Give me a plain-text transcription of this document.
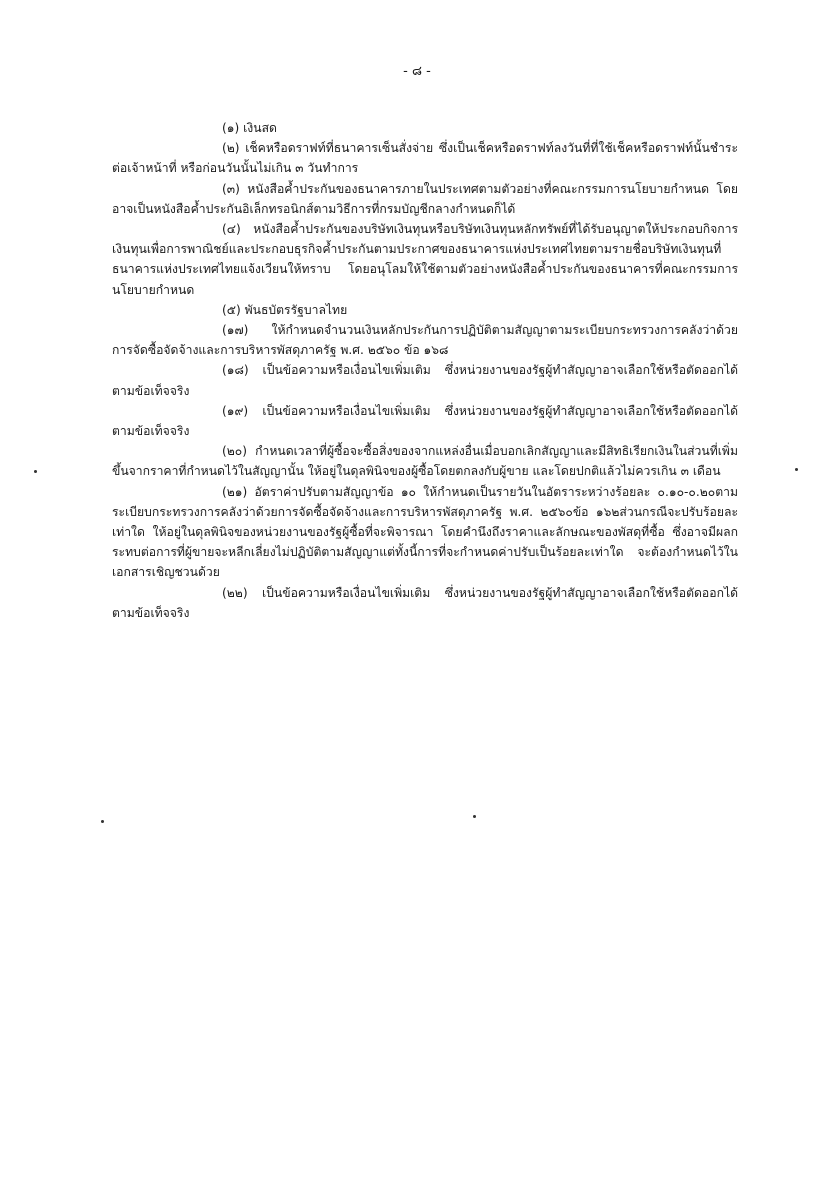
- ๘ -

(๑) เงินสด

(๒) เช็คหรือดราฟท์ที่ธนาคารเซ็นสั่งจ่าย ซึ่งเป็นเช็คหรือดราฟท์ลงวันที่ที่ใช้เช็คหรือดราฟท์นั้นชำระต่อเจ้าหน้าที่ หรือก่อนวันนั้นไม่เกิน ๓ วันทำการ

(๓) หนังสือค้ำประกันของธนาคารภายในประเทศตามตัวอย่างที่คณะกรรมการนโยบายกำหนด โดยอาจเป็นหนังสือค้ำประกันอิเล็กทรอนิกส์ตามวิธีการที่กรมบัญชีกลางกำหนดก็ได้

(๔) หนังสือค้ำประกันของบริษัทเงินทุนหรือบริษัทเงินทุนหลักทรัพย์ที่ได้รับอนุญาตให้ประกอบกิจการเงินทุนเพื่อการพาณิชย์และประกอบธุรกิจค้ำประกันตามประกาศของธนาคารแห่งประเทศไทยตามรายชื่อบริษัทเงินทุนที่ธนาคารแห่งประเทศไทยแจ้งเวียนให้ทราบ โดยอนุโลมให้ใช้ตามตัวอย่างหนังสือค้ำประกันของธนาคารที่คณะกรรมการนโยบายกำหนด

(๕) พันธบัตรรัฐบาลไทย

(๑๗) ให้กำหนดจำนวนเงินหลักประกันการปฏิบัติตามสัญญาตามระเบียบกระทรวงการคลังว่าด้วยการจัดซื้อจัดจ้างและการบริหารพัสดุภาครัฐ พ.ศ. ๒๕๖๐ ข้อ ๑๖๘

(๑๘) เป็นข้อความหรือเงื่อนไขเพิ่มเติม ซึ่งหน่วยงานของรัฐผู้ทำสัญญาอาจเลือกใช้หรือตัดออกได้ตามข้อเท็จจริง

(๑๙) เป็นข้อความหรือเงื่อนไขเพิ่มเติม ซึ่งหน่วยงานของรัฐผู้ทำสัญญาอาจเลือกใช้หรือตัดออกได้ตามข้อเท็จจริง

(๒๐) กำหนดเวลาที่ผู้ซื้อจะซื้อสิ่งของจากแหล่งอื่นเมื่อบอกเลิกสัญญาและมีสิทธิเรียกเงินในส่วนที่เพิ่มขึ้นจากราคาที่กำหนดไว้ในสัญญานั้น ให้อยู่ในดุลพินิจของผู้ซื้อโดยตกลงกับผู้ขาย และโดยปกติแล้วไม่ควรเกิน ๓ เดือน

(๒๑) อัตราค่าปรับตามสัญญาข้อ ๑๐ ให้กำหนดเป็นรายวันในอัตราระหว่างร้อยละ ๐.๑๐-๐.๒๐ตามระเบียบกระทรวงการคลังว่าด้วยการจัดซื้อจัดจ้างและการบริหารพัสดุภาครัฐ พ.ศ. ๒๕๖๐ข้อ ๑๖๒ส่วนกรณีจะปรับร้อยละเท่าใด ให้อยู่ในดุลพินิจของหน่วยงานของรัฐผู้ซื้อที่จะพิจารณา โดยคำนึงถึงราคาและลักษณะของพัสดุที่ซื้อ ซึ่งอาจมีผลกระทบต่อการที่ผู้ขายจะหลีกเลี่ยงไม่ปฏิบัติตามสัญญาแต่ทั้งนี้การที่จะกำหนดค่าปรับเป็นร้อยละเท่าใด จะต้องกำหนดไว้ในเอกสารเชิญชวนด้วย

(๒๒) เป็นข้อความหรือเงื่อนไขเพิ่มเติม ซึ่งหน่วยงานของรัฐผู้ทำสัญญาอาจเลือกใช้หรือตัดออกได้ตามข้อเท็จจริง
